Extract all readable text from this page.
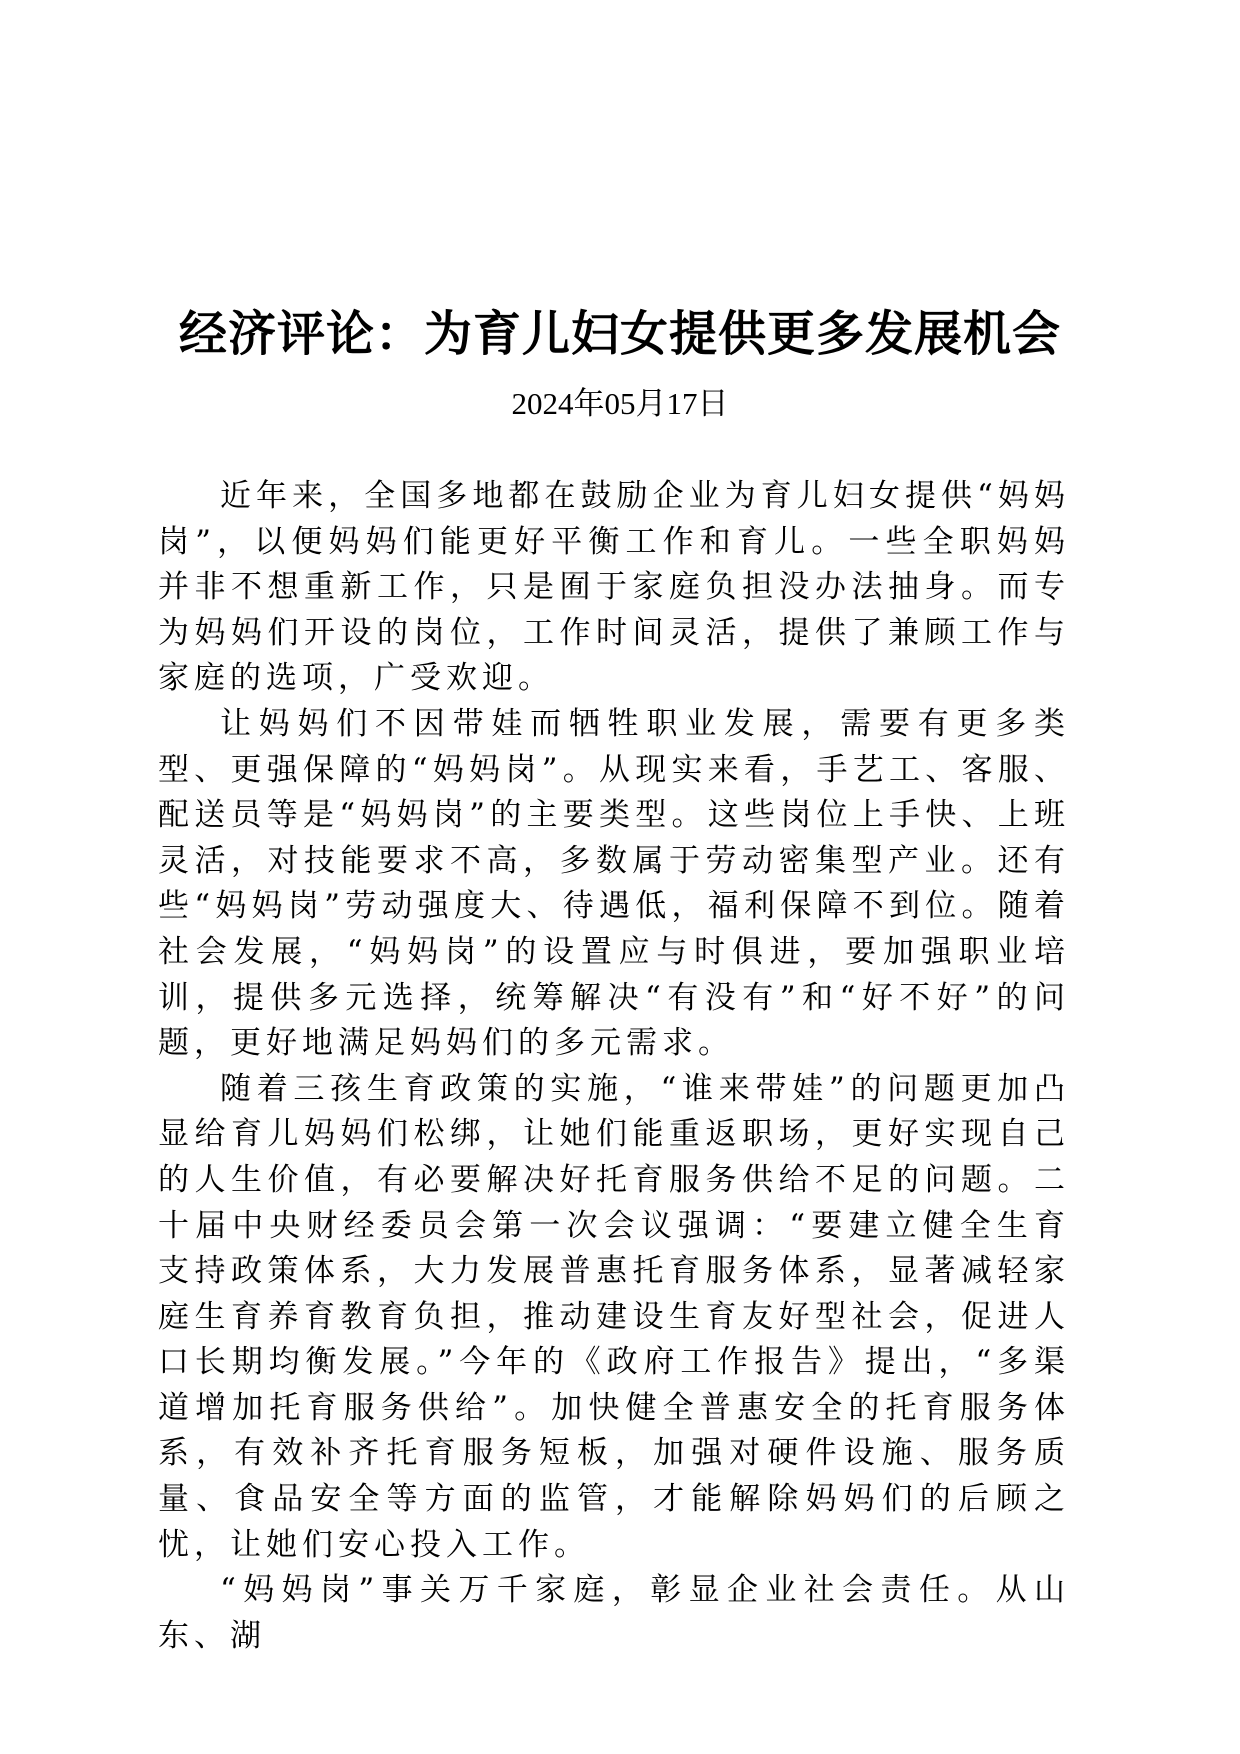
经济评论：为育儿妇女提供更多发展机会
2024年05月17日

近年来，全国多地都在鼓励企业为育儿妇女提供“妈妈岗”，以便妈妈们能更好平衡工作和育儿。一些全职妈妈并非不想重新工作，只是囿于家庭负担没办法抽身。而专为妈妈们开设的岗位，工作时间灵活，提供了兼顾工作与家庭的选项，广受欢迎。

让妈妈们不因带娃而牺牲职业发展，需要有更多类型、更强保障的“妈妈岗”。从现实来看，手艺工、客服、配送员等是“妈妈岗”的主要类型。这些岗位上手快、上班灵活，对技能要求不高，多数属于劳动密集型产业。还有些“妈妈岗”劳动强度大、待遇低，福利保障不到位。随着社会发展，“妈妈岗”的设置应与时俱进，要加强职业培训，提供多元选择，统筹解决“有没有”和“好不好”的问题，更好地满足妈妈们的多元需求。

随着三孩生育政策的实施，“谁来带娃”的问题更加凸显给育儿妈妈们松绑，让她们能重返职场，更好实现自己的人生价值，有必要解决好托育服务供给不足的问题。二十届中央财经委员会第一次会议强调：“要建立健全生育支持政策体系，大力发展普惠托育服务体系，显著减轻家庭生育养育教育负担，推动建设生育友好型社会，促进人口长期均衡发展。”今年的《政府工作报告》提出，“多渠道增加托育服务供给”。加快健全普惠安全的托育服务体系，有效补齐托育服务短板，加强对硬件设施、服务质量、食品安全等方面的监管，才能解除妈妈们的后顾之忧，让她们安心投入工作。

“妈妈岗”事关万千家庭，彰显企业社会责任。从山东、湖
